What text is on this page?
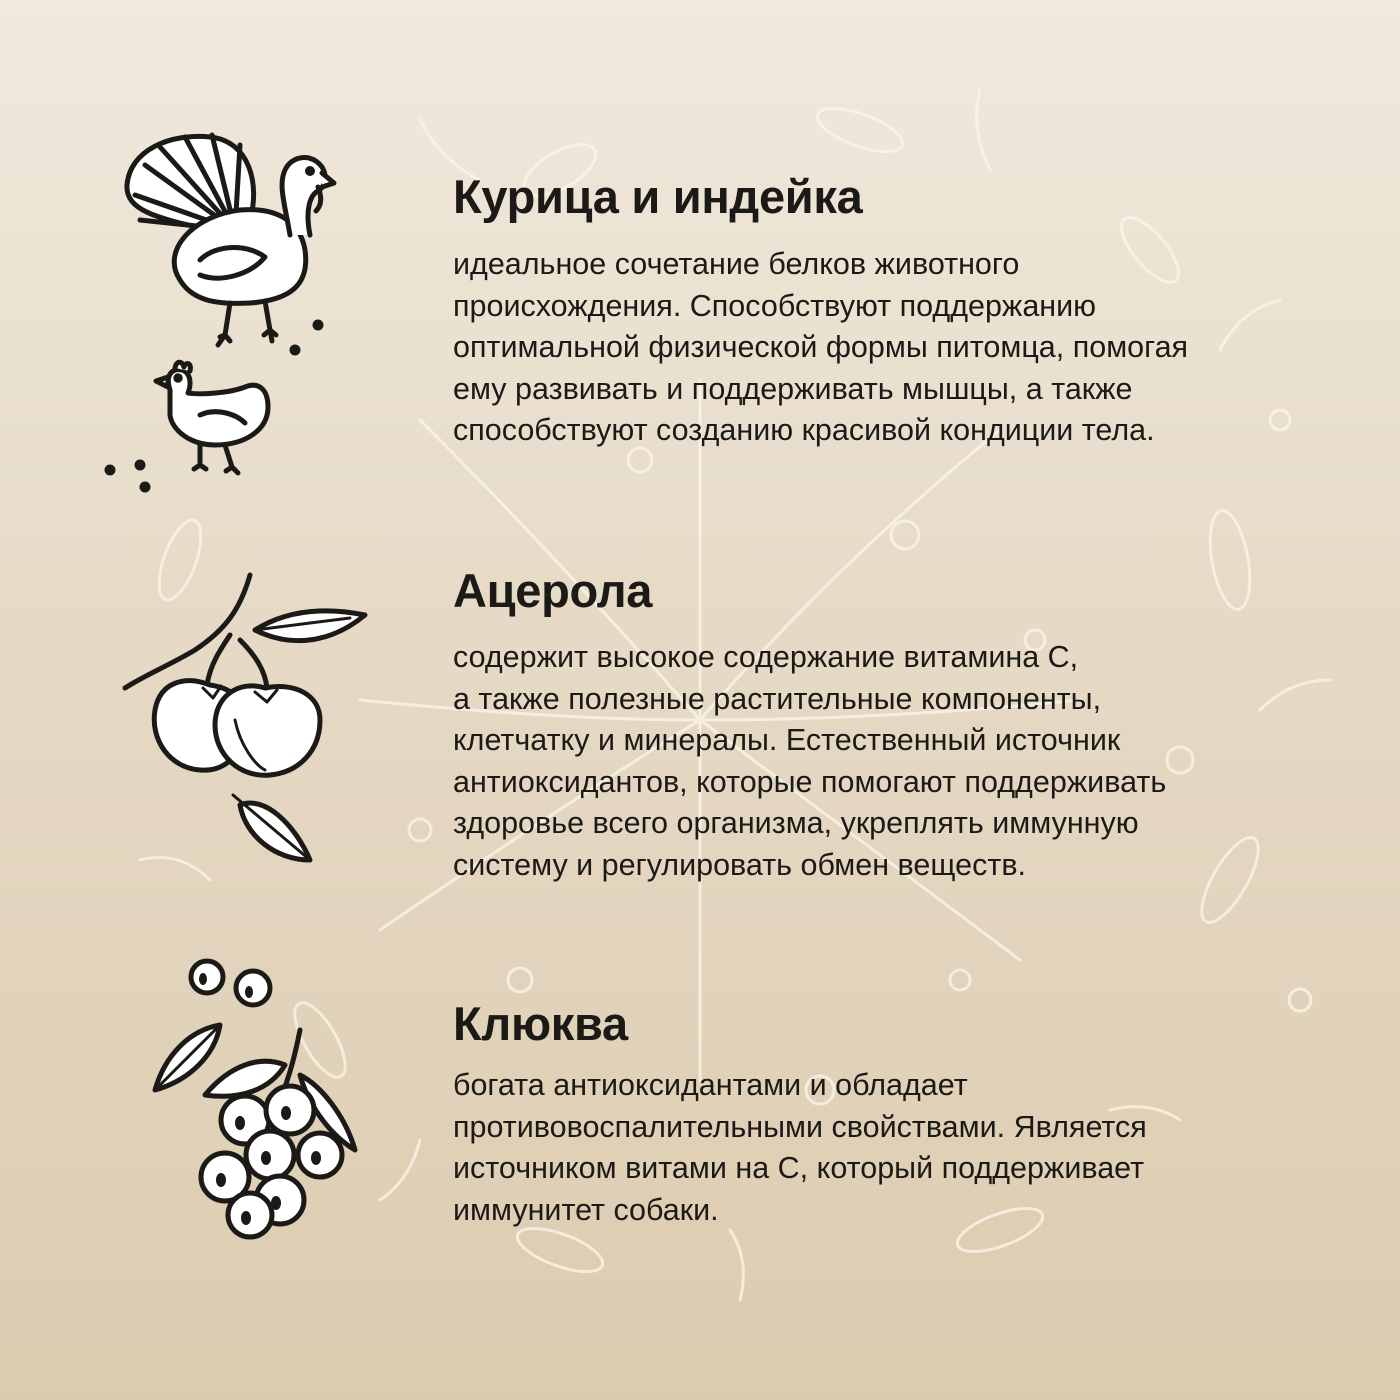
Курица и индейка

идеальное сочетание белков животного
происхождения. Способствуют поддержанию
оптимальной физической формы питомца, помогая
ему развивать и поддерживать мышцы, а также
способствуют созданию красивой кондиции тела.

Ацерола

содержит высокое содержание витамина С,
а также полезные растительные компоненты,
клетчатку и минералы. Естественный источник
антиоксидантов, которые помогают поддерживать
здоровье всего организма, укреплять иммунную
систему и регулировать обмен веществ.

Клюква

богата антиоксидантами и обладает
противовоспалительными свойствами. Является
источником витами на С, который поддерживает
иммунитет собаки.
